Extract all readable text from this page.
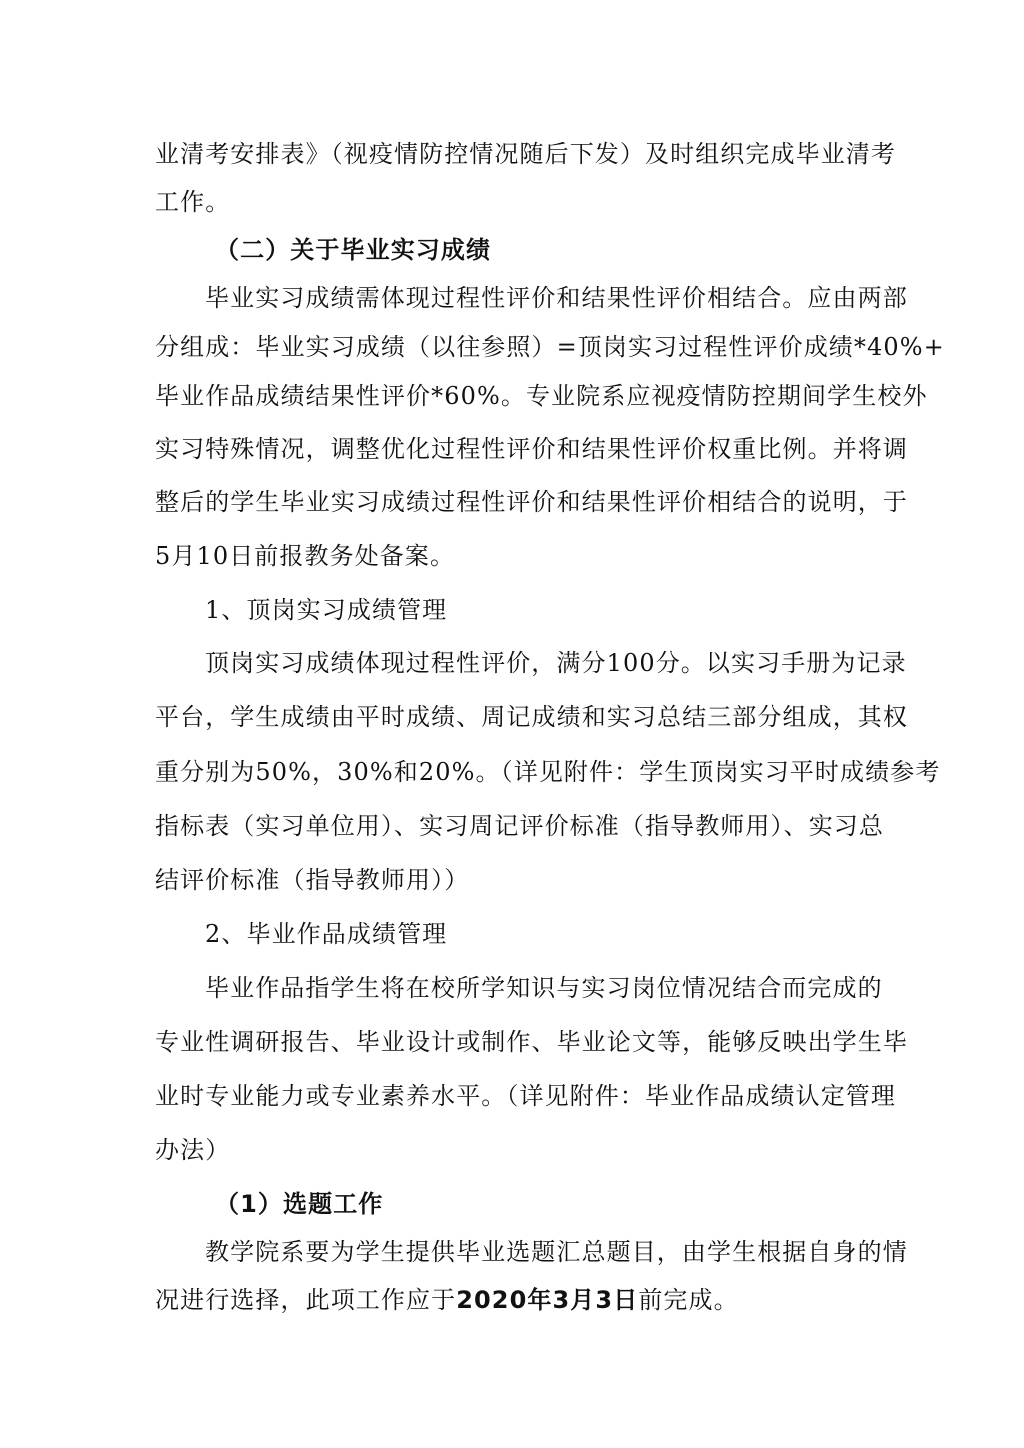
业清考安排表》（视疫情防控情况随后下发）及时组织完成毕业清考
工作。
（二）关于毕业实习成绩
毕业实习成绩需体现过程性评价和结果性评价相结合。应由两部
分组成：毕业实习成绩（以往参照）=顶岗实习过程性评价成绩*40%+
毕业作品成绩结果性评价*60%。专业院系应视疫情防控期间学生校外
实习特殊情况，调整优化过程性评价和结果性评价权重比例。并将调
整后的学生毕业实习成绩过程性评价和结果性评价相结合的说明，于
5月10日前报教务处备案。
1、顶岗实习成绩管理
顶岗实习成绩体现过程性评价，满分100分。以实习手册为记录
平台，学生成绩由平时成绩、周记成绩和实习总结三部分组成，其权
重分别为50%，30%和20%。（详见附件：学生顶岗实习平时成绩参考
指标表（实习单位用）、实习周记评价标准（指导教师用）、实习总
结评价标准（指导教师用））
2、毕业作品成绩管理
毕业作品指学生将在校所学知识与实习岗位情况结合而完成的
专业性调研报告、毕业设计或制作、毕业论文等，能够反映出学生毕
业时专业能力或专业素养水平。（详见附件：毕业作品成绩认定管理
办法）
（1）选题工作
教学院系要为学生提供毕业选题汇总题目，由学生根据自身的情
况进行选择，此项工作应于2020年3月3日前完成。
